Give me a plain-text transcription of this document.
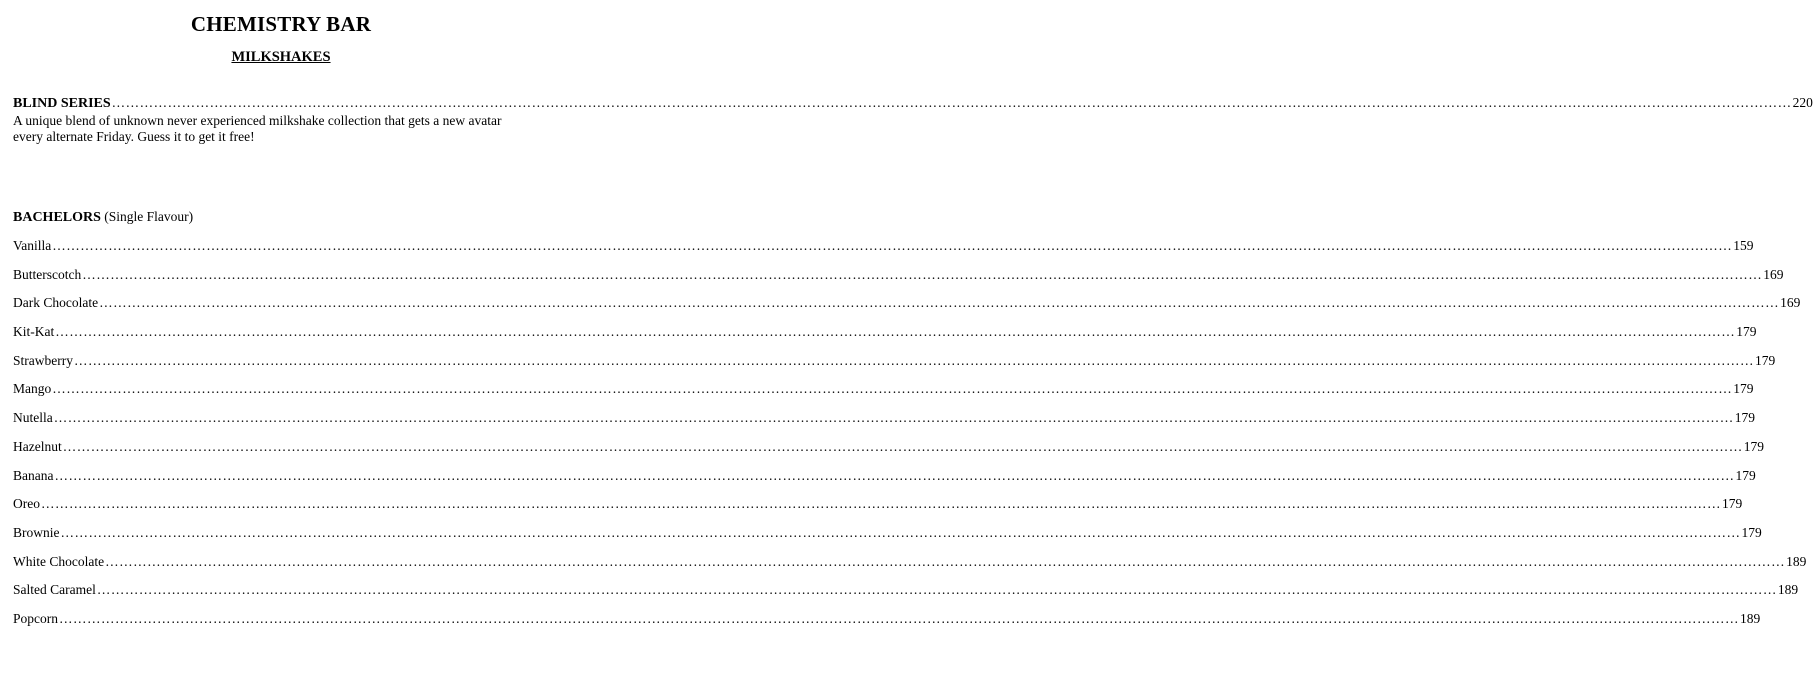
CHEMISTRY BAR
MILKSHAKES
BLIND SERIES ……………………………………………………………………………………………………………………………………………………………………………………………………………………………………………………………………………………………………………………………… 220
A unique blend of unknown never experienced milkshake collection that gets a new avatar every alternate Friday. Guess it to get it free!
BACHELORS (Single Flavour)
Vanilla ……………………………………………………………………………………………………………………………………………………………………………………………………………………………………………………………………………………………………………………………… 159
Butterscotch ……………………………………………………………………………………………………………………………………………………………………………………………………………………………………………………………………………………………………………………………… 169
Dark Chocolate ……………………………………………………………………………………………………………………………………………………………………………………………………………………………………………………………………………………………………………………………… 169
Kit-Kat ……………………………………………………………………………………………………………………………………………………………………………………………………………………………………………………………………………………………………………………………… 179
Strawberry ……………………………………………………………………………………………………………………………………………………………………………………………………………………………………………………………………………………………………………………………… 179
Mango ……………………………………………………………………………………………………………………………………………………………………………………………………………………………………………………………………………………………………………………………… 179
Nutella ……………………………………………………………………………………………………………………………………………………………………………………………………………………………………………………………………………………………………………………………… 179
Hazelnut ……………………………………………………………………………………………………………………………………………………………………………………………………………………………………………………………………………………………………………………………… 179
Banana ……………………………………………………………………………………………………………………………………………………………………………………………………………………………………………………………………………………………………………………………… 179
Oreo ……………………………………………………………………………………………………………………………………………………………………………………………………………………………………………………………………………………………………………………………… 179
Brownie ……………………………………………………………………………………………………………………………………………………………………………………………………………………………………………………………………………………………………………………………… 179
White Chocolate ……………………………………………………………………………………………………………………………………………………………………………………………………………………………………………………………………………………………………………………………… 189
Salted Caramel ……………………………………………………………………………………………………………………………………………………………………………………………………………………………………………………………………………………………………………………………… 189
Popcorn ……………………………………………………………………………………………………………………………………………………………………………………………………………………………………………………………………………………………………………………………… 189
